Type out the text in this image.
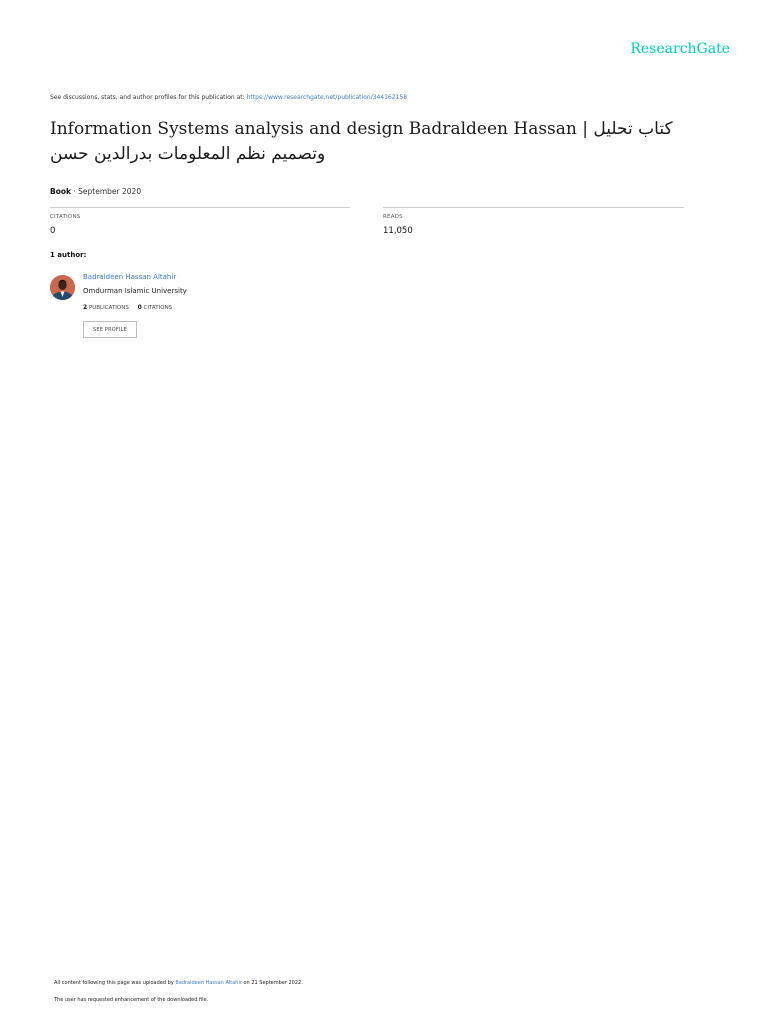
ResearchGate
See discussions, stats, and author profiles for this publication at: https://www.researchgate.net/publication/344162158
Information Systems analysis and design Badraldeen Hassan | كتاب تحليل وتصميم نظم المعلومات بدرالدين حسن
Book · September 2020
CITATIONS
0
READS
11,050
1 author:
Badraldeen Hassan Altahir
Omdurman Islamic University
2 PUBLICATIONS 0 CITATIONS
SEE PROFILE
All content following this page was uploaded by Badraldeen Hassan Altahir on 21 September 2022.
The user has requested enhancement of the downloaded file.
